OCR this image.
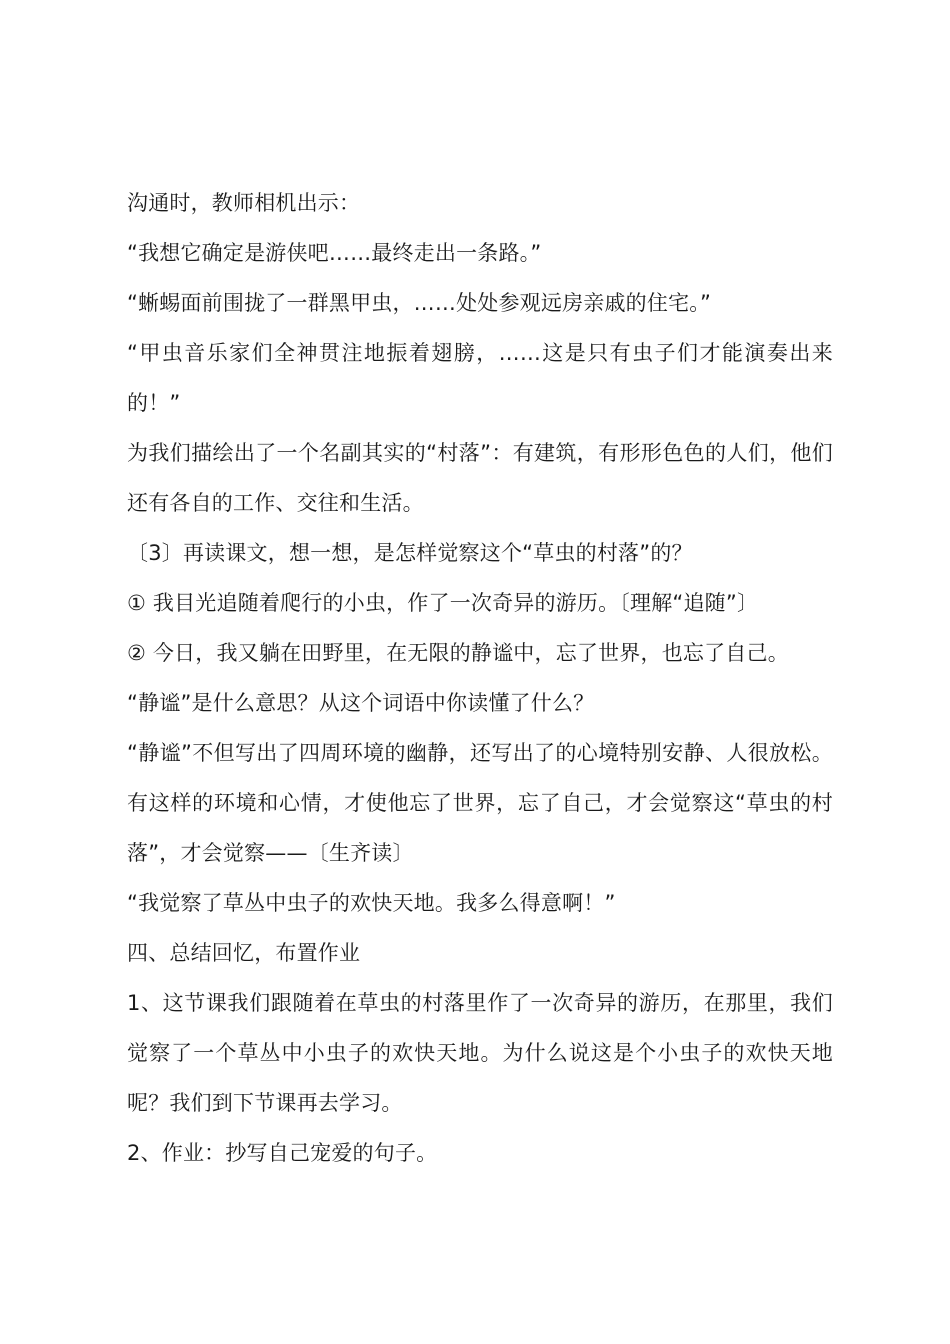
沟通时，教师相机出示：

“我想它确定是游侠吧……最终走出一条路。”

“蜥蜴面前围拢了一群黑甲虫，……处处参观远房亲戚的住宅。”

“甲虫音乐家们全神贯注地振着翅膀，……这是只有虫子们才能演奏出来的！”

为我们描绘出了一个名副其实的“村落”：有建筑，有形形色色的人们，他们还有各自的工作、交往和生活。

〔3〕再读课文，想一想，是怎样觉察这个“草虫的村落”的？

① 我目光追随着爬行的小虫，作了一次奇异的游历。〔理解“追随”〕

② 今日，我又躺在田野里，在无限的静谧中，忘了世界，也忘了自己。

“静谧”是什么意思？从这个词语中你读懂了什么？

“静谧”不但写出了四周环境的幽静，还写出了的心境特别安静、人很放松。有这样的环境和心情，才使他忘了世界，忘了自己，才会觉察这“草虫的村落”，才会觉察——〔生齐读〕

“我觉察了草丛中虫子的欢快天地。我多么得意啊！”

四、总结回忆，布置作业

1、这节课我们跟随着在草虫的村落里作了一次奇异的游历，在那里，我们觉察了一个草丛中小虫子的欢快天地。为什么说这是个小虫子的欢快天地呢？我们到下节课再去学习。

2、作业：抄写自己宠爱的句子。
